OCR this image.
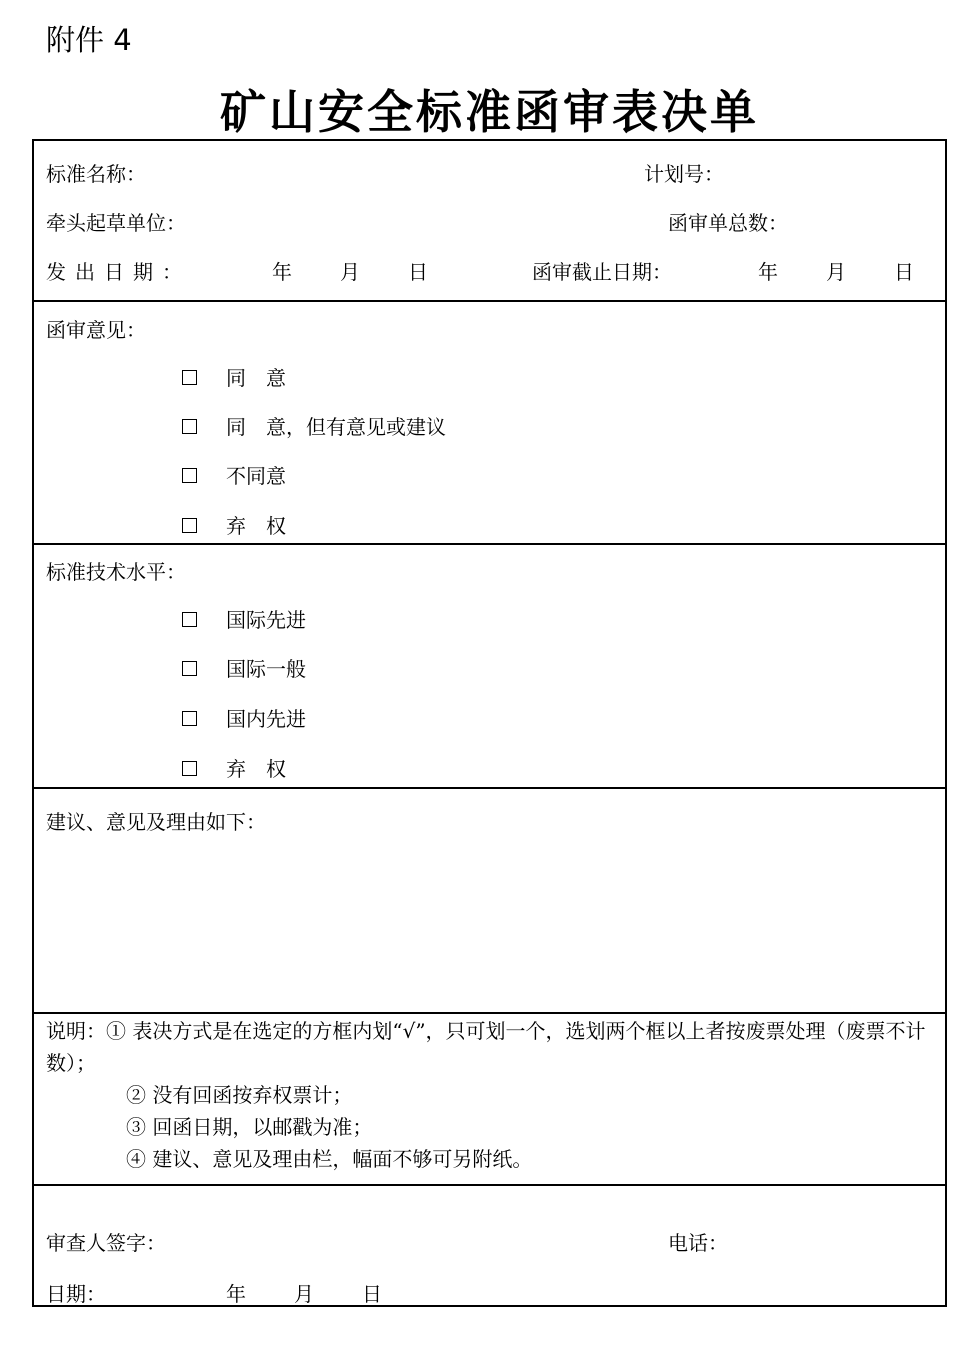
附件 4
矿山安全标准函审表决单
标准名称：	计划号：
牵头起草单位：	函审单总数：
发出日期：	年 月 日	函审截止日期：	年 月 日
函审意见：
同　意
同　意，但有意见或建议
不同意
弃　权
标准技术水平：
国际先进
国际一般
国内先进
弃　权
建议、意见及理由如下：

说明：① 表决方式是在选定的方框内划“√”，只可划一个，选划两个框以上者按废票处理（废票不计数）；

② 没有回函按弃权票计；

③ 回函日期，以邮戳为准；

④ 建议、意见及理由栏，幅面不够可另附纸。

审查人签字：	电话：
日期：	年 月 日
